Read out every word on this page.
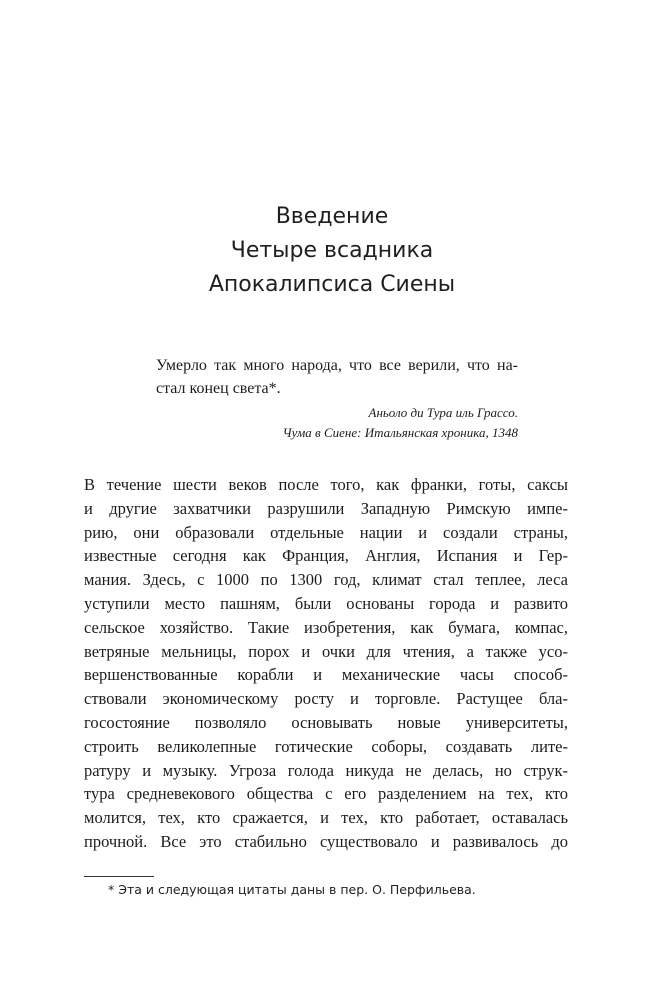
Введение
Четыре всадника
Апокалипсиса Сиены
Умерло так много народа, что все верили, что на-
стал конец света*.
Аньоло ди Тура иль Грассо.
Чума в Сиене: Итальянская хроника, 1348
В течение шести веков после того, как франки, готы, саксы
и другие захватчики разрушили Западную Римскую импе-
рию, они образовали отдельные нации и создали страны,
известные сегодня как Франция, Англия, Испания и Гер-
мания. Здесь, с 1000 по 1300 год, климат стал теплее, леса
уступили место пашням, были основаны города и развито
сельское хозяйство. Такие изобретения, как бумага, компас,
ветряные мельницы, порох и очки для чтения, а также усо-
вершенствованные корабли и механические часы способ-
ствовали экономическому росту и торговле. Растущее бла-
госостояние позволяло основывать новые университеты,
строить великолепные готические соборы, создавать лите-
ратуру и музыку. Угроза голода никуда не делась, но струк-
тура средневекового общества с его разделением на тех, кто
молится, тех, кто сражается, и тех, кто работает, оставалась
прочной. Все это стабильно существовало и развивалось до
* Эта и следующая цитаты даны в пер. О. Перфильева.
